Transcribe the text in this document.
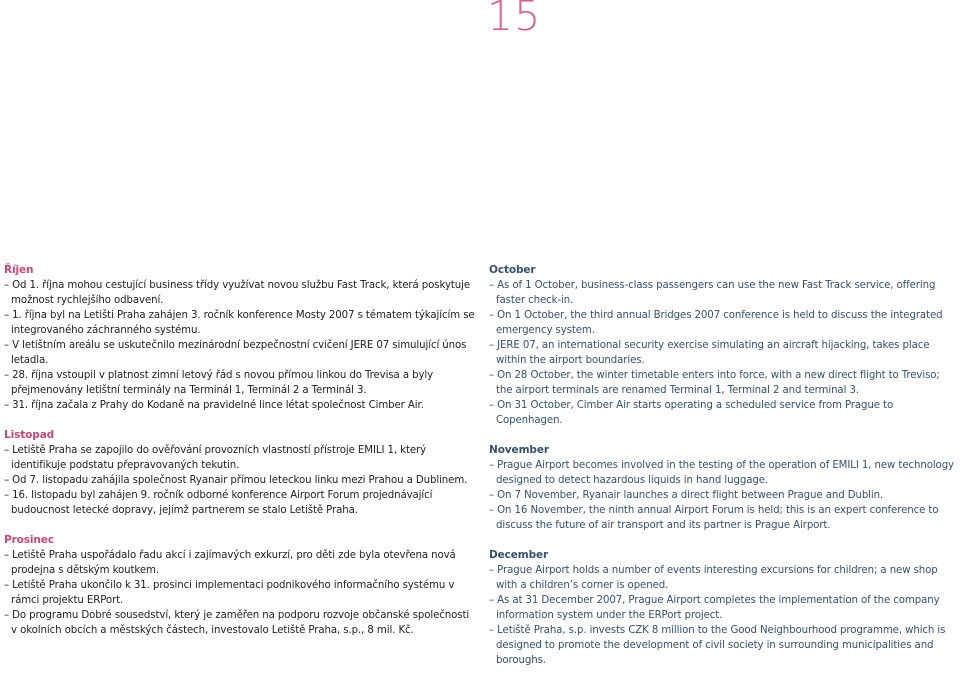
15

Říjen

– Od 1. října mohou cestující business třídy využívat novou službu Fast Track, která poskytuje možnost rychlejšího odbavení.

– 1. října byl na Letišti Praha zahájen 3. ročník konference Mosty 2007 s tématem týkajícím se integrovaného záchranného systému.

– V letištním areálu se uskutečnilo mezinárodní bezpečnostní cvičení JERE 07 simulující únos letadla.

– 28. října vstoupil v platnost zimní letový řád s novou přímou linkou do Trevisa a byly přejmenovány letištní terminály na Terminál 1, Terminál 2 a Terminál 3.

– 31. října začala z Prahy do Kodaně na pravidelné lince létat společnost Cimber Air.

Listopad

– Letiště Praha se zapojilo do ověřování provozních vlastností přístroje EMILI 1, který identifikuje podstatu přepravovaných tekutin.

– Od 7. listopadu zahájila společnost Ryanair přímou leteckou linku mezi Prahou a Dublinem.

– 16. listopadu byl zahájen 9. ročník odborné konference Airport Forum projednávající budoucnost letecké dopravy, jejímž partnerem se stalo Letiště Praha.

Prosinec

– Letiště Praha uspořádalo řadu akcí i zajímavých exkurzí, pro děti zde byla otevřena nová prodejna s dětským koutkem.

– Letiště Praha ukončilo k 31. prosinci implementaci podnikového informačního systému v rámci projektu ERPort.

– Do programu Dobré sousedství, který je zaměřen na podporu rozvoje občanské společnosti v okolních obcích a městských částech, investovalo Letiště Praha, s.p., 8 mil. Kč.

October

– As of 1 October, business-class passengers can use the new Fast Track service, offering faster check-in.

– On 1 October, the third annual Bridges 2007 conference is held to discuss the integrated emergency system.

– JERE 07, an international security exercise simulating an aircraft hijacking, takes place within the airport boundaries.

– On 28 October, the winter timetable enters into force, with a new direct flight to Treviso; the airport terminals are renamed Terminal 1, Terminal 2 and terminal 3.

– On 31 October, Cimber Air starts operating a scheduled service from Prague to Copenhagen.

November

– Prague Airport becomes involved in the testing of the operation of EMILI 1, new technology designed to detect hazardous liquids in hand luggage.

– On 7 November, Ryanair launches a direct flight between Prague and Dublin.

– On 16 November, the ninth annual Airport Forum is held; this is an expert conference to discuss the future of air transport and its partner is Prague Airport.

December

– Prague Airport holds a number of events interesting excursions for children; a new shop with a children’s corner is opened.

– As at 31 December 2007, Prague Airport completes the implementation of the company information system under the ERPort project.

– Letiště Praha, s.p. invests CZK 8 million to the Good Neighbourhood programme, which is designed to promote the development of civil society in surrounding municipalities and boroughs.
